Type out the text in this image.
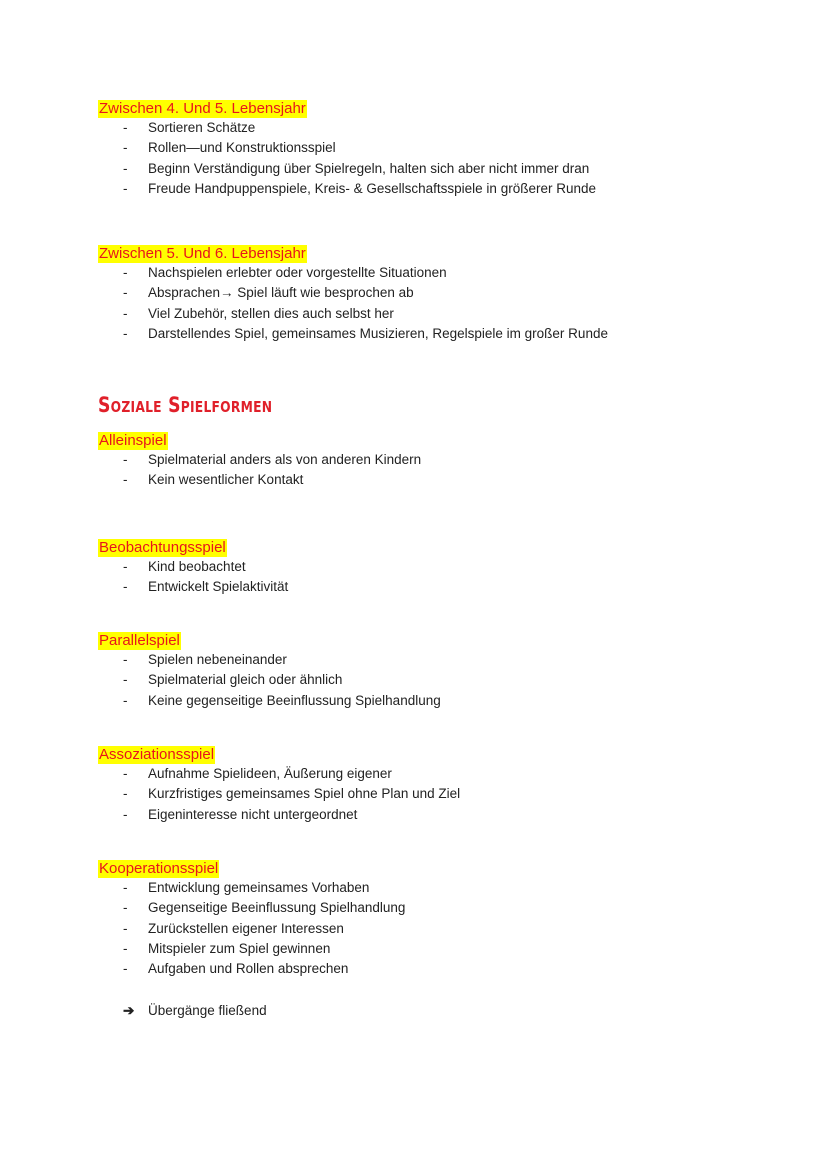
Zwischen 4. Und 5. Lebensjahr
- Sortieren Schätze
- Rollen—und Konstruktionsspiel
- Beginn Verständigung über Spielregeln, halten sich aber nicht immer dran
- Freude Handpuppenspiele, Kreis- & Gesellschaftsspiele in größerer Runde
Zwischen 5. Und 6. Lebensjahr
- Nachspielen erlebter oder vorgestellte Situationen
- Absprachen→ Spiel läuft wie besprochen ab
- Viel Zubehör, stellen dies auch selbst her
- Darstellendes Spiel, gemeinsames Musizieren, Regelspiele im großer Runde
Soziale Spielformen
Alleinspiel
- Spielmaterial anders als von anderen Kindern
- Kein wesentlicher Kontakt
Beobachtungsspiel
- Kind beobachtet
- Entwickelt Spielaktivität
Parallelspiel
- Spielen nebeneinander
- Spielmaterial gleich oder ähnlich
- Keine gegenseitige Beeinflussung Spielhandlung
Assoziationsspiel
- Aufnahme Spielideen, Äußerung eigener
- Kurzfristiges gemeinsames Spiel ohne Plan und Ziel
- Eigeninteresse nicht untergeordnet
Kooperationsspiel
- Entwicklung gemeinsames Vorhaben
- Gegenseitige Beeinflussung Spielhandlung
- Zurückstellen eigener Interessen
- Mitspieler zum Spiel gewinnen
- Aufgaben und Rollen absprechen
➔ Übergänge fließend
